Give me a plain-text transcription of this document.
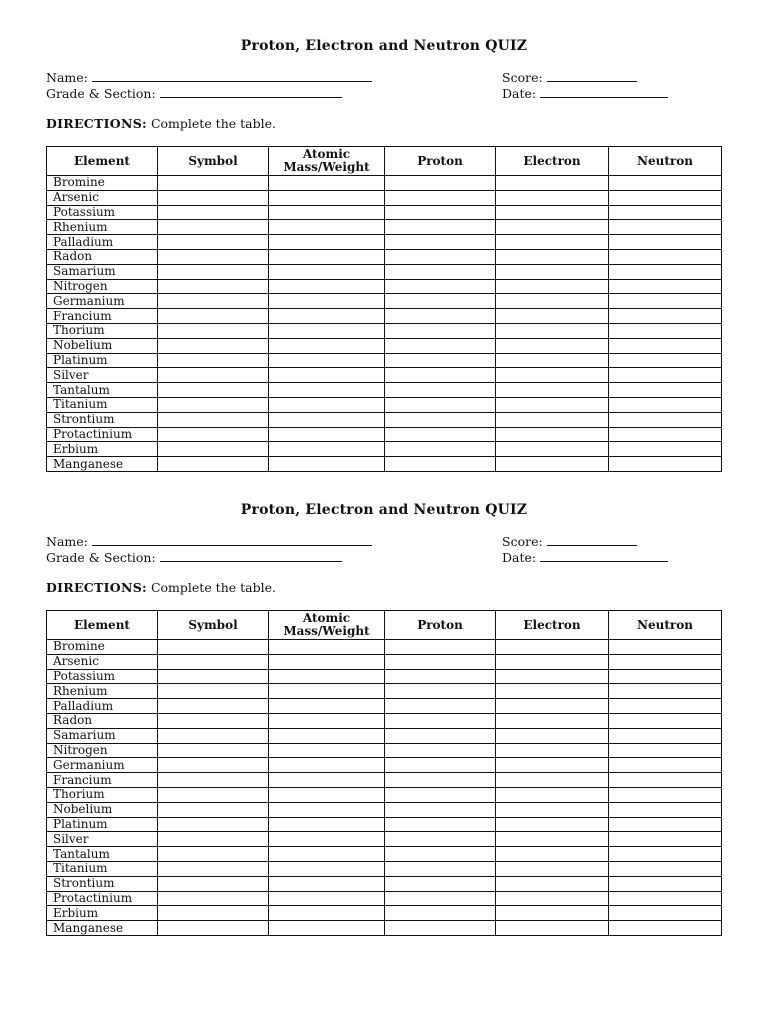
Proton, Electron and Neutron QUIZ
Name:	Score:
Grade & Section:	Date:
DIRECTIONS: Complete the table.
Element	Symbol	Atomic Mass/Weight	Proton	Electron	Neutron
Bromine					
Arsenic					
Potassium					
Rhenium					
Palladium					
Radon					
Samarium					
Nitrogen					
Germanium					
Francium					
Thorium					
Nobelium					
Platinum					
Silver					
Tantalum					
Titanium					
Strontium					
Protactinium					
Erbium					
Manganese					
Proton, Electron and Neutron QUIZ
Name:	Score:
Grade & Section:	Date:
DIRECTIONS: Complete the table.
Element	Symbol	Atomic Mass/Weight	Proton	Electron	Neutron
Bromine					
Arsenic					
Potassium					
Rhenium					
Palladium					
Radon					
Samarium					
Nitrogen					
Germanium					
Francium					
Thorium					
Nobelium					
Platinum					
Silver					
Tantalum					
Titanium					
Strontium					
Protactinium					
Erbium					
Manganese					
